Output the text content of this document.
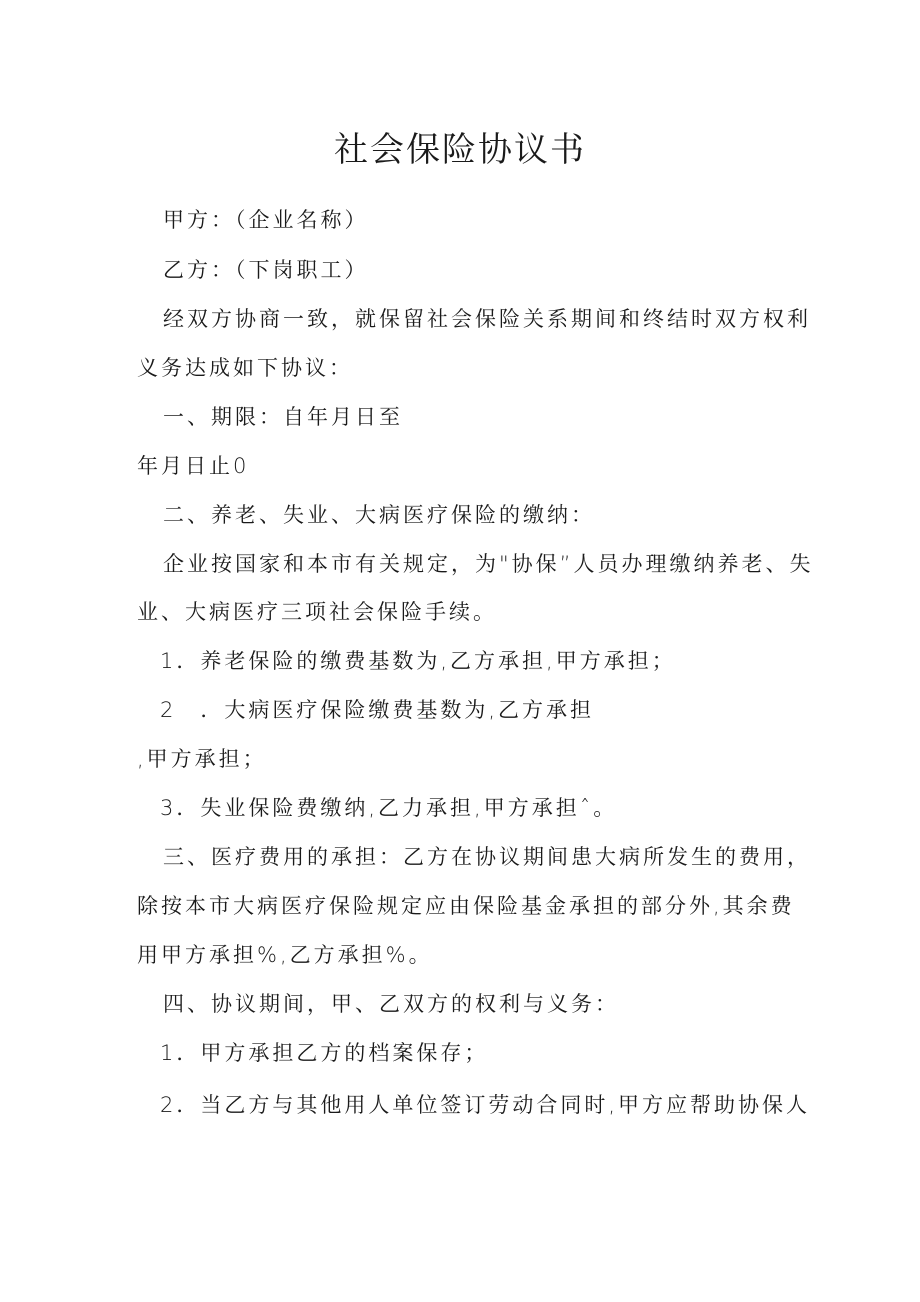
社会保险协议书
甲方：（企业名称）
乙方：（下岗职工）
经双方协商一致，就保留社会保险关系期间和终结时双方权利
义务达成如下协议：
一、期限：自年月日至
年月日止0
二、养老、失业、大病医疗保险的缴纳：
企业按国家和本市有关规定，为"协保”人员办理缴纳养老、失
业、大病医疗三项社会保险手续。
1．养老保险的缴费基数为,乙方承担,甲方承担；
2　．大病医疗保险缴费基数为,乙方承担
,甲方承担；
3．失业保险费缴纳,乙力承担,甲方承担ˆ。
三、医疗费用的承担：乙方在协议期间患大病所发生的费用，
除按本市大病医疗保险规定应由保险基金承担的部分外,其余费
用甲方承担%,乙方承担%。
四、协议期间，甲、乙双方的权利与义务：
1．甲方承担乙方的档案保存；
2．当乙方与其他用人单位签订劳动合同时,甲方应帮助协保人
